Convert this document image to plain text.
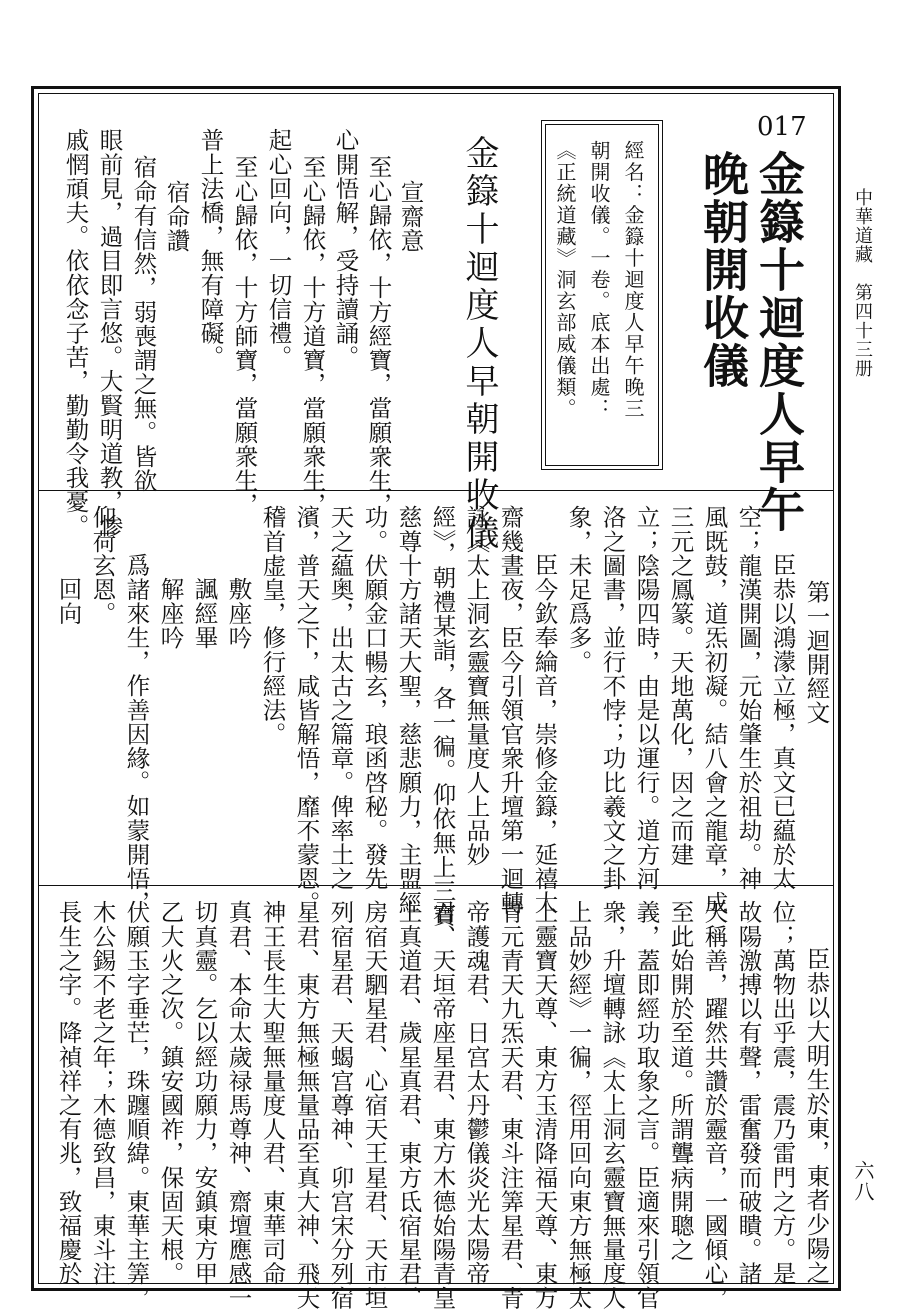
中華道藏
第四十三册
六八
017
金籙十迴度人早午
晚朝開收儀
經名：金籙十迴度人早午晚三
朝開收儀。一卷。底本出處：
《正統道藏》洞玄部威儀類。
金籙十迴度人早朝開收儀
宣齋意
至心歸依，十方經寶，當願衆生，
心開悟解，受持讀誦。
至心歸依，十方道寶，當願衆生，
起心回向，一切信禮。
至心歸依，十方師寶，當願衆生，
普上法橋，無有障礙。
宿命讚
宿命有信然，弱喪謂之無。皆欲
眼前見，過目即言悠。大賢明道教，惨
戚惘頑夫。依依念子苦，勤勤令我憂。
第一迴開經文
臣恭以鴻濛立極，真文已藴於太
空；龍漢開圖，元始肇生於祖劫。神
風既鼓，道炁初凝。結八會之龍章，成
三元之鳳篆。天地萬化，因之而建
立；陰陽四時，由是以運行。道方河
洛之圖書，並行不悖；功比羲文之卦
象，未足爲多。
臣今欽奉綸音，崇修金籙，延禧大
齋幾晝夜，臣今引領官衆升壇第一迴轉
詠《太上洞玄靈寶無量度人上品妙
經》，朝禮某詣，各一徧。仰依無上三寶
慈尊十方諸天大聖，慈悲願力，主盟經
功。伏願金口暢玄，琅函啓秘。發先
天之藴奥，出太古之篇章。俾率土之
濱，普天之下，咸皆解悟，靡不蒙恩。
稽首虚皇，修行經法。
敷座吟
諷經畢
解座吟
爲諸來生，作善因緣。如蒙開悟，
仰荷玄恩。
回向
臣恭以大明生於東，東者少陽之
位；萬物出乎震，震乃雷門之方。是
故陽激搏以有聲，雷奮發而破瞶。諸
天稱善，躍然共讚於靈音，一國傾心，
至此始開於至道。所謂聾病開聰之
義，蓋即經功取象之言。臣適來引領官
衆，升壇轉詠《太上洞玄靈寶無量度人
上品妙經》一徧，徑用回向東方無極太
上靈寶天尊、東方玉清降福天尊、東方
青元青天九炁天君、東斗注筭星君、青
帝護魂君、日宫太丹鬱儀炎光太陽帝
君、天垣帝座星君、東方木德始陽青皇
上真道君、歲星真君、東方氐宿星君、
房宿天駟星君、心宿天王星君、天市垣
列宿星君、天蝎宫尊神、卯宫宋分列宿
星君、東方無極無量品至真大神、飛天
神王長生大聖無量度人君、東華司命
真君、本命太歲禄馬尊神、齋壇應感一
切真靈。乞以經功願力，安鎮東方甲
乙大火之次。鎮安國祚，保固天根。
伏願玉字垂芒，珠躔順緯。東華主筭，
木公錫不老之年；木德致昌，東斗注
長生之字。降禎祥之有兆，致福慶於
